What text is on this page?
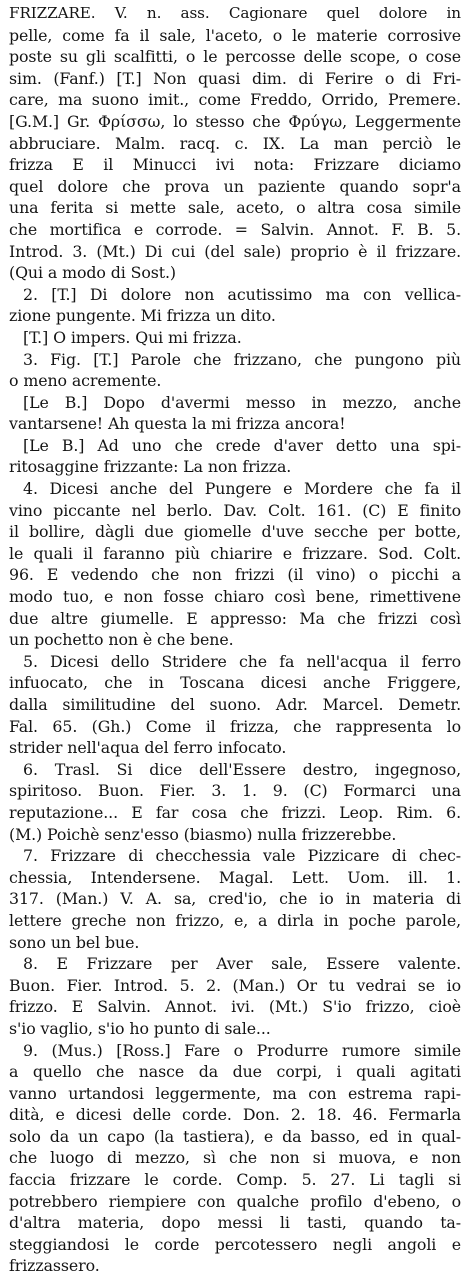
FRIZZARE. V. n. ass. Cagionare quel dolore in
pelle, come fa il sale, l'aceto, o le materie corrosive
poste su gli scalfitti, o le percosse delle scope, o cose
sim. (Fanf.) [T.] Non quasi dim. di Ferire o di Fri-
care, ma suono imit., come Freddo, Orrido, Premere.
[G.M.] Gr. Φρίσσω, lo stesso che Φρύγω, Leggermente
abbruciare. Malm. racq. c. IX. La man perciò le
frizza E il Minucci ivi nota: Frizzare diciamo
quel dolore che prova un paziente quando sopr'a
una ferita si mette sale, aceto, o altra cosa simile
che mortifica e corrode. = Salvin. Annot. F. B. 5.
Introd. 3. (Mt.) Di cui (del sale) proprio è il frizzare.
(Qui a modo di Sost.)
2. [T.] Di dolore non acutissimo ma con vellica-
zione pungente. Mi frizza un dito.
[T.] O impers. Qui mi frizza.
3. Fig. [T.] Parole che frizzano, che pungono più
o meno acremente.
[Le B.] Dopo d'avermi messo in mezzo, anche
vantarsene! Ah questa la mi frizza ancora!
[Le B.] Ad uno che crede d'aver detto una spi-
ritosaggine frizzante: La non frizza.
4. Dicesi anche del Pungere e Mordere che fa il
vino piccante nel berlo. Dav. Colt. 161. (C) E finito
il bollire, dàgli due giomelle d'uve secche per botte,
le quali il faranno più chiarire e frizzare. Sod. Colt.
96. E vedendo che non frizzi (il vino) o picchi a
modo tuo, e non fosse chiaro così bene, rimettivene
due altre giumelle. E appresso: Ma che frizzi così
un pochetto non è che bene.
5. Dicesi dello Stridere che fa nell'acqua il ferro
infuocato, che in Toscana dicesi anche Friggere,
dalla similitudine del suono. Adr. Marcel. Demetr.
Fal. 65. (Gh.) Come il frizza, che rappresenta lo
strider nell'aqua del ferro infocato.
6. Trasl. Si dice dell'Essere destro, ingegnoso,
spiritoso. Buon. Fier. 3. 1. 9. (C) Formarci una
reputazione... E far cosa che frizzi. Leop. Rim. 6.
(M.) Poichè senz'esso (biasmo) nulla frizzerebbe.
7. Frizzare di checchessia vale Pizzicare di chec-
chessia, Intendersene. Magal. Lett. Uom. ill. 1.
317. (Man.) V. A. sa, cred'io, che io in materia di
lettere greche non frizzo, e, a dirla in poche parole,
sono un bel bue.
8. E Frizzare per Aver sale, Essere valente.
Buon. Fier. Introd. 5. 2. (Man.) Or tu vedrai se io
frizzo. E Salvin. Annot. ivi. (Mt.) S'io frizzo, cioè
s'io vaglio, s'io ho punto di sale...
9. (Mus.) [Ross.] Fare o Produrre rumore simile
a quello che nasce da due corpi, i quali agitati
vanno urtandosi leggermente, ma con estrema rapi-
dità, e dicesi delle corde. Don. 2. 18. 46. Fermarla
solo da un capo (la tastiera), e da basso, ed in qual-
che luogo di mezzo, sì che non si muova, e non
faccia frizzare le corde. Comp. 5. 27. Li tagli si
potrebbero riempiere con qualche profilo d'ebeno, o
d'altra materia, dopo messi li tasti, quando ta-
steggiandosi le corde percotessero negli angoli e
frizzassero.
